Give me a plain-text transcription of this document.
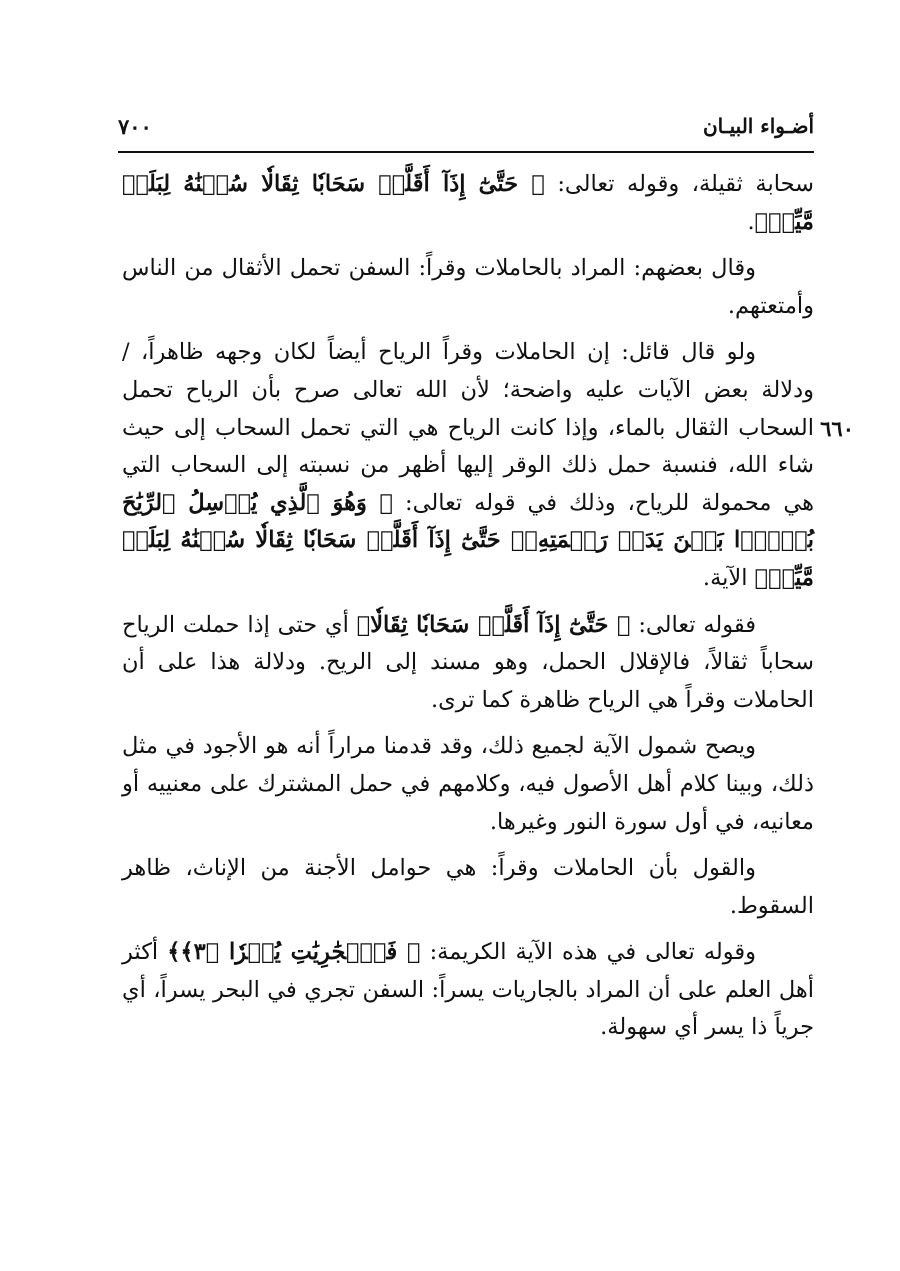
أضـواء البيـان
٧٠٠
٦٦٠

سحابة ثقيلة، وقوله تعالى: ﴿ حَتَّىٰٓ إِذَآ أَقَلَّتۡ سَحَابٗا ثِقَالٗا سُقۡنَٰهُ لِبَلَدٖ مَّيِّتٖ﴾.

وقال بعضهم: المراد بالحاملات وقراً: السفن تحمل الأثقال من الناس وأمتعتهم.

ولو قال قائل: إن الحاملات وقراً الرياح أيضاً لكان وجهه ظاهراً، / ودلالة بعض الآيات عليه واضحة؛ لأن الله تعالى صرح بأن الرياح تحمل السحاب الثقال بالماء، وإذا كانت الرياح هي التي تحمل السحاب إلى حيث شاء الله، فنسبة حمل ذلك الوقر إليها أظهر من نسبته إلى السحاب التي هي محمولة للرياح، وذلك في قوله تعالى: ﴿ وَهُوَ ٱلَّذِي يُرۡسِلُ ٱلرِّيَٰحَ بُشۡرَۢا بَيۡنَ يَدَيۡ رَحۡمَتِهِۦۖ حَتَّىٰٓ إِذَآ أَقَلَّتۡ سَحَابٗا ثِقَالٗا سُقۡنَٰهُ لِبَلَدٖ مَّيِّتٖ﴾ الآية.

فقوله تعالى: ﴿ حَتَّىٰٓ إِذَآ أَقَلَّتۡ سَحَابٗا ثِقَالٗا﴾ أي حتى إذا حملت الرياح سحاباً ثقالاً، فالإقلال الحمل، وهو مسند إلى الريح. ودلالة هذا على أن الحاملات وقراً هي الرياح ظاهرة كما ترى.

ويصح شمول الآية لجميع ذلك، وقد قدمنا مراراً أنه هو الأجود في مثل ذلك، وبينا كلام أهل الأصول فيه، وكلامهم في حمل المشترك على معنييه أو معانيه، في أول سورة النور وغيرها.

والقول بأن الحاملات وقراً: هي حوامل الأجنة من الإناث، ظاهر السقوط.

وقوله تعالى في هذه الآية الكريمة: ﴿ فَٱلۡجَٰرِيَٰتِ يُسۡرٗا ﴿٣﴾﴾ أكثر أهل العلم على أن المراد بالجاريات يسراً: السفن تجري في البحر يسراً، أي جرياً ذا يسر أي سهولة.
